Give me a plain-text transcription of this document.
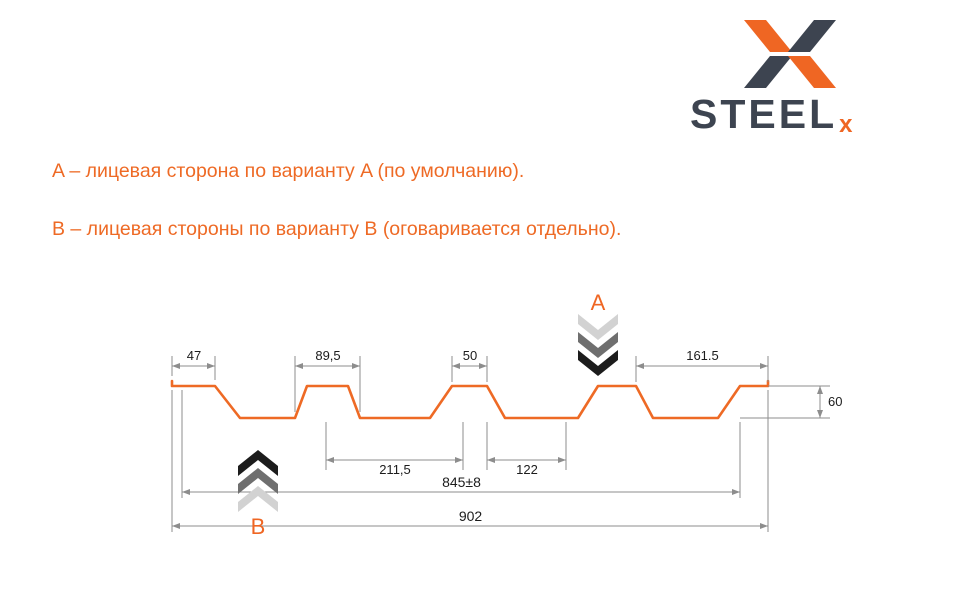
STEELx
A – лицевая сторона по варианту A (по умолчанию).
B – лицевая стороны по варианту B (оговаривается отдельно).
47	89,5	50	161.5
211,5	122
60
845±8
902
A
B
